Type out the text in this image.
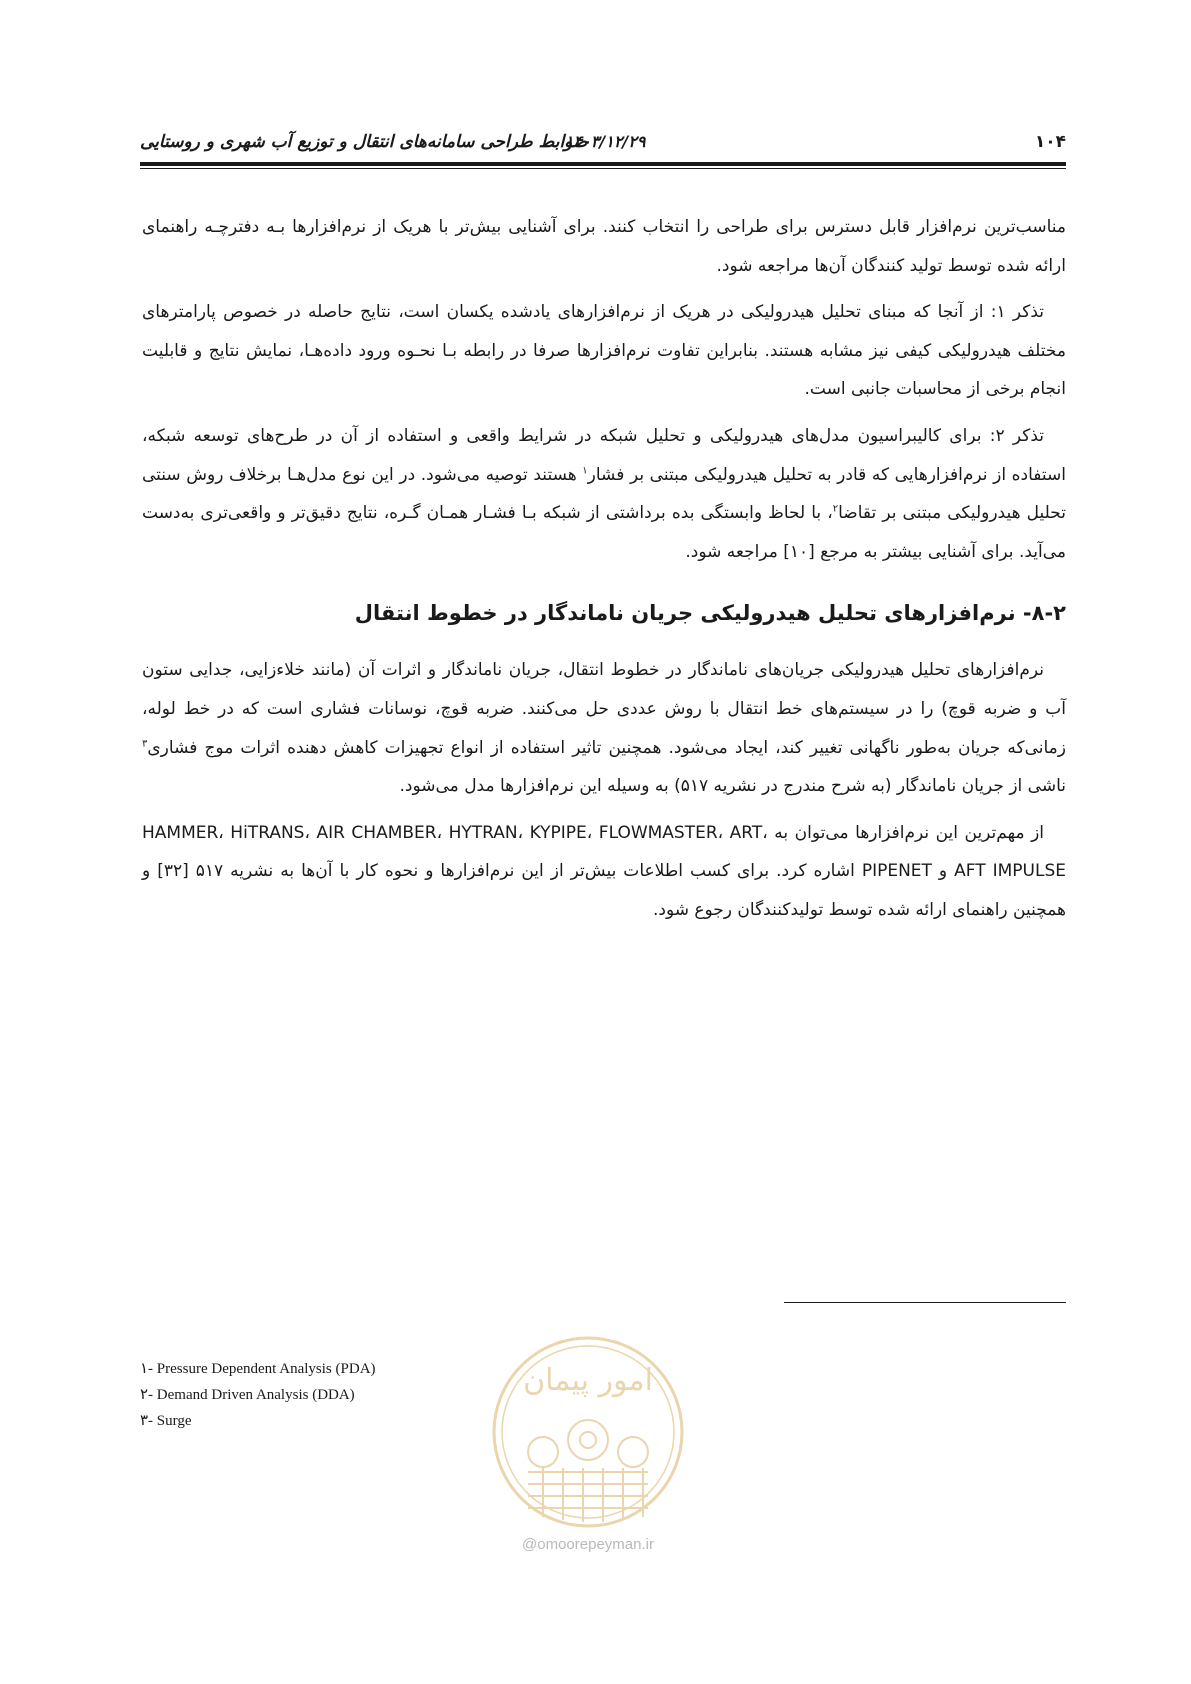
۱۰۴
۱۴۰۳/۱۲/۲۹
ضوابط طراحی سامانه‌های انتقال و توزیع آب شهری و روستایی

مناسب‌ترین نرم‌افزار قابل دسترس برای طراحی را انتخاب کنند. برای آشنایی بیش‌تر با هریک از نرم‌افزارها بـه دفترچـه راهنمای ارائه شده توسط تولید کنندگان آن‌ها مراجعه شود.

تذکر ۱: از آنجا که مبنای تحلیل هیدرولیکی در هریک از نرم‌افزارهای یادشده یکسان است، نتایج حاصله در خصوص پارامترهای مختلف هیدرولیکی کیفی نیز مشابه هستند. بنابراین تفاوت نرم‌افزارها صرفا در رابطه بـا نحـوه ورود داده‌هـا، نمایش نتایج و قابلیت انجام برخی از محاسبات جانبی است.

تذکر ۲: برای کالیبراسیون مدل‌های هیدرولیکی و تحلیل شبکه در شرایط واقعی و استفاده از آن در طرح‌های توسعه شبکه، استفاده از نرم‌افزارهایی که قادر به تحلیل هیدرولیکی مبتنی بر فشار$^۱$ هستند توصیه می‌شود. در این نوع مدل‌هـا برخلاف روش سنتی تحلیل هیدرولیکی مبتنی بر تقاضا$^۲$، با لحاظ وابستگی بده برداشتی از شبکه بـا فشـار همـان گـره، نتایج دقیق‌تر و واقعی‌تری به‌دست می‌آید. برای آشنایی بیشتر به مرجع [۱۰] مراجعه شود.

۸-۲- نرم‌افزارهای تحلیل هیدرولیکی جریان ناماندگار در خطوط انتقال

نرم‌افزارهای تحلیل هیدرولیکی جریان‌های ناماندگار در خطوط انتقال، جریان ناماندگار و اثرات آن (مانند خلاءزایی، جدایی ستون آب و ضربه قوچ) را در سیستم‌های خط انتقال با روش عددی حل می‌کنند. ضربه قوچ، نوسانات فشاری است که در خط لوله، زمانی‌که جریان به‌طور ناگهانی تغییر کند، ایجاد می‌شود. همچنین تاثیر استفاده از انواع تجهیزات کاهش دهنده اثرات موج فشاری$^۳$ ناشی از جریان ناماندگار (به شرح مندرج در نشریه ۵۱۷) به وسیله این نرم‌افزارها مدل می‌شود.

از مهم‌ترین این نرم‌افزارها می‌توان به HAMMER، HiTRANS، AIR CHAMBER، HYTRAN، KYPIPE، FLOWMASTER، ART، AFT IMPULSE و PIPENET اشاره کرد. برای کسب اطلاعات بیش‌تر از این نرم‌افزارها و نحوه کار با آن‌ها به نشریه ۵۱۷ [۳۲] و همچنین راهنمای ارائه شده توسط تولیدکنندگان رجوع شود.

۱- Pressure Dependent Analysis (PDA)
۲- Demand Driven Analysis (DDA)
۳- Surge
امور پیمان
@omoorepeyman.ir
